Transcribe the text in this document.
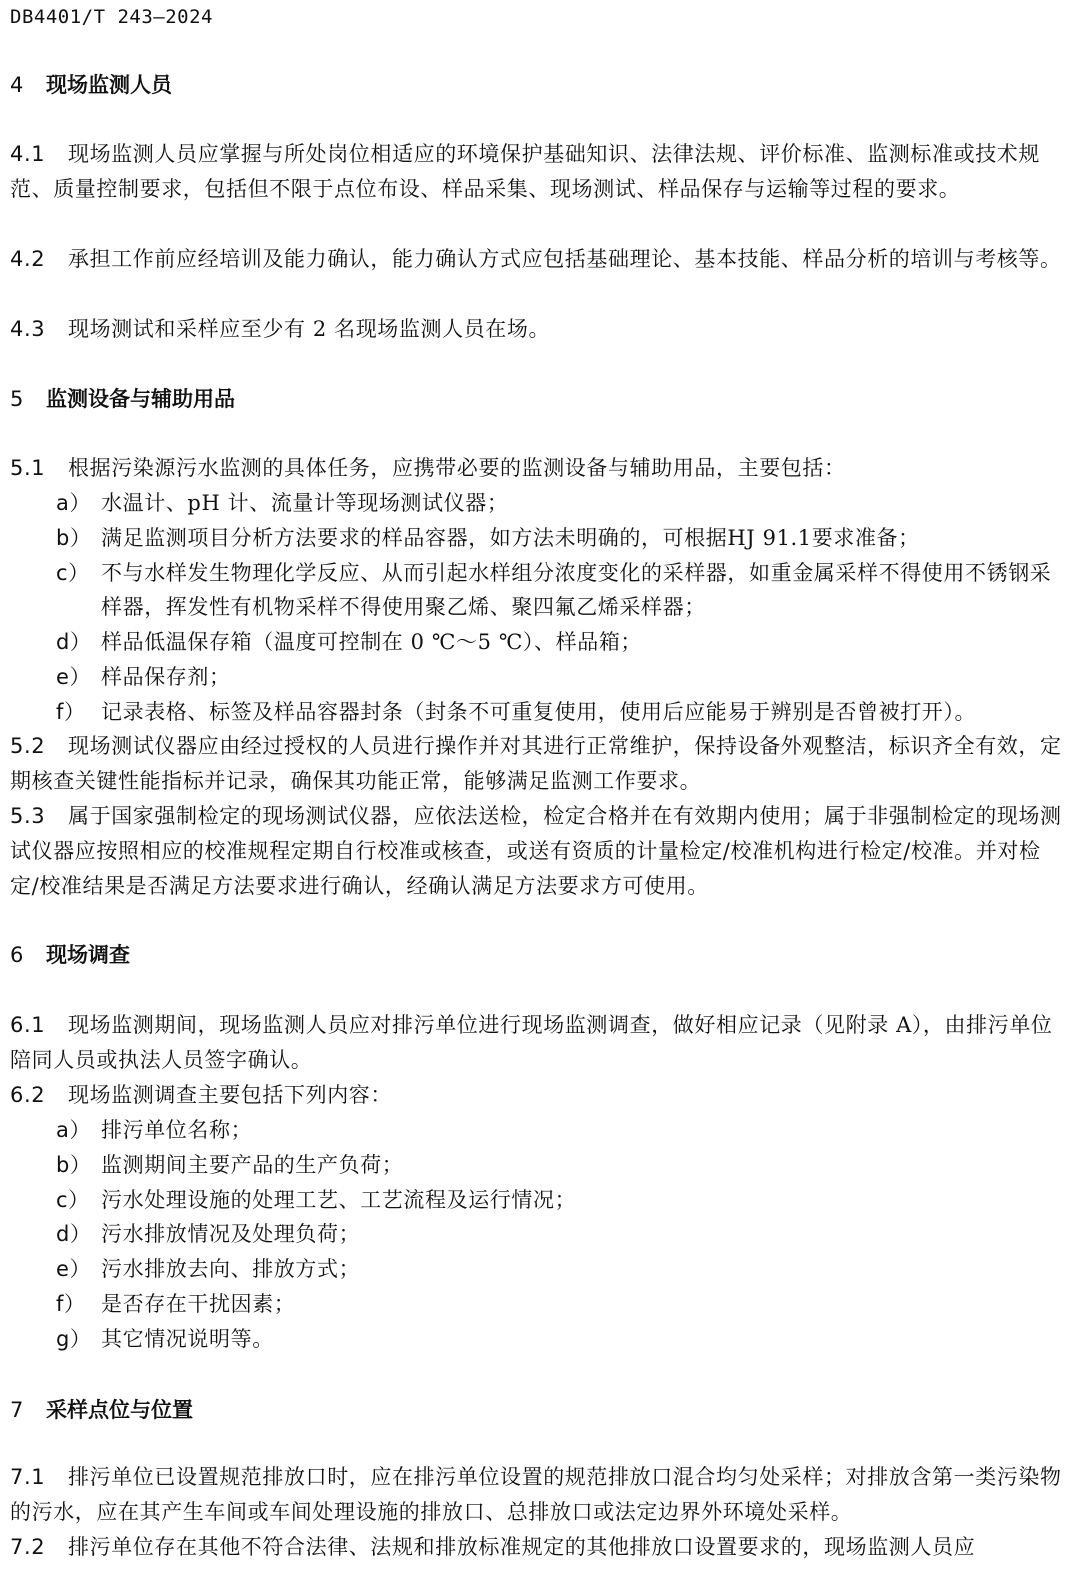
DB4401/T 243—2024
4 现场监测人员
4.1 现场监测人员应掌握与所处岗位相适应的环境保护基础知识、法律法规、评价标准、监测标准或技术规范、质量控制要求，包括但不限于点位布设、样品采集、现场测试、样品保存与运输等过程的要求。
4.2 承担工作前应经培训及能力确认，能力确认方式应包括基础理论、基本技能、样品分析的培训与考核等。
4.3 现场测试和采样应至少有 2 名现场监测人员在场。
5 监测设备与辅助用品
5.1 根据污染源污水监测的具体任务，应携带必要的监测设备与辅助用品，主要包括：
a） 水温计、pH 计、流量计等现场测试仪器；
b） 满足监测项目分析方法要求的样品容器，如方法未明确的，可根据HJ 91.1要求准备；
c） 不与水样发生物理化学反应、从而引起水样组分浓度变化的采样器，如重金属采样不得使用不锈钢采样器，挥发性有机物采样不得使用聚乙烯、聚四氟乙烯采样器；
d） 样品低温保存箱（温度可控制在 0 ℃～5 ℃）、样品箱；
e） 样品保存剂；
f） 记录表格、标签及样品容器封条（封条不可重复使用，使用后应能易于辨别是否曾被打开）。
5.2 现场测试仪器应由经过授权的人员进行操作并对其进行正常维护，保持设备外观整洁，标识齐全有效，定期核查关键性能指标并记录，确保其功能正常，能够满足监测工作要求。
5.3 属于国家强制检定的现场测试仪器，应依法送检，检定合格并在有效期内使用；属于非强制检定的现场测试仪器应按照相应的校准规程定期自行校准或核查，或送有资质的计量检定/校准机构进行检定/校准。并对检定/校准结果是否满足方法要求进行确认，经确认满足方法要求方可使用。
6 现场调查
6.1 现场监测期间，现场监测人员应对排污单位进行现场监测调查，做好相应记录（见附录 A），由排污单位陪同人员或执法人员签字确认。
6.2 现场监测调查主要包括下列内容：
a） 排污单位名称；
b） 监测期间主要产品的生产负荷；
c） 污水处理设施的处理工艺、工艺流程及运行情况；
d） 污水排放情况及处理负荷；
e） 污水排放去向、排放方式；
f） 是否存在干扰因素；
g） 其它情况说明等。
7 采样点位与位置
7.1 排污单位已设置规范排放口时，应在排污单位设置的规范排放口混合均匀处采样；对排放含第一类污染物的污水，应在其产生车间或车间处理设施的排放口、总排放口或法定边界外环境处采样。
7.2 排污单位存在其他不符合法律、法规和排放标准规定的其他排放口设置要求的，现场监测人员应
